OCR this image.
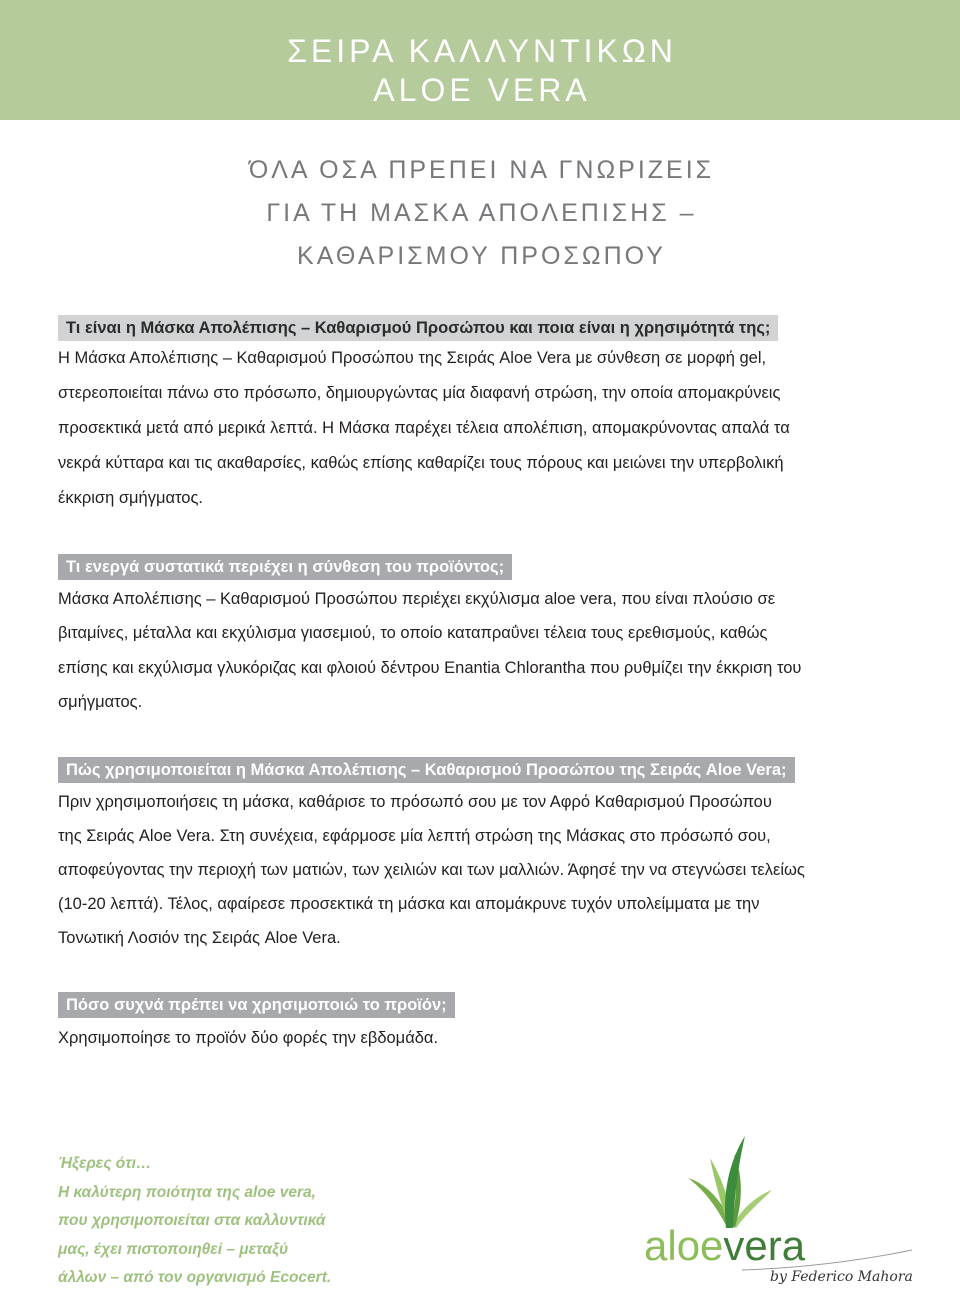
ΣΕΙΡΑ ΚΑΛΛΥΝΤΙΚΩΝ
ALOE VERA
ΌΛΑ ΟΣΑ ΠΡΕΠΕΙ ΝΑ ΓΝΩΡΙΖΕΙΣ
ΓΙΑ ΤΗ ΜΑΣΚΑ ΑΠΟΛΕΠΙΣΗΣ –
ΚΑΘΑΡΙΣΜΟΥ ΠΡΟΣΩΠΟΥ
Τι είναι η Μάσκα Απολέπισης – Καθαρισμού Προσώπου και ποια είναι η χρησιμότητά της;
Η Μάσκα Απολέπισης – Καθαρισμού Προσώπου της Σειράς Aloe Vera με σύνθεση σε μορφή gel,
στερεοποιείται πάνω στο πρόσωπο, δημιουργώντας μία διαφανή στρώση, την οποία απομακρύνεις
προσεκτικά μετά από μερικά λεπτά. Η Μάσκα παρέχει τέλεια απολέπιση, απομακρύνοντας απαλά τα
νεκρά κύτταρα και τις ακαθαρσίες, καθώς επίσης καθαρίζει τους πόρους και μειώνει την υπερβολική
έκκριση σμήγματος.
Τι ενεργά συστατικά περιέχει η σύνθεση του προϊόντος;
Μάσκα Απολέπισης – Καθαρισμού Προσώπου περιέχει εκχύλισμα aloe vera, που είναι πλούσιο σε
βιταμίνες, μέταλλα και εκχύλισμα γιασεμιού, το οποίο καταπραΰνει τέλεια τους ερεθισμούς, καθώς
επίσης και εκχύλισμα γλυκόριζας και φλοιού δέντρου Enantia Chlorantha που ρυθμίζει την έκκριση του
σμήγματος.
Πώς χρησιμοποιείται η Μάσκα Απολέπισης – Καθαρισμού Προσώπου της Σειράς Aloe Vera;
Πριν χρησιμοποιήσεις τη μάσκα, καθάρισε το πρόσωπό σου με τον Αφρό Καθαρισμού Προσώπου
της Σειράς Aloe Vera. Στη συνέχεια, εφάρμοσε μία λεπτή στρώση της Μάσκας στο πρόσωπό σου,
αποφεύγοντας την περιοχή των ματιών, των χειλιών και των μαλλιών. Άφησέ την να στεγνώσει τελείως
(10-20 λεπτά). Τέλος, αφαίρεσε προσεκτικά τη μάσκα και απομάκρυνε τυχόν υπολείμματα με την
Τονωτική Λοσιόν της Σειράς Aloe Vera.
Πόσο συχνά πρέπει να χρησιμοποιώ το προϊόν;
Χρησιμοποίησε το προϊόν δύο φορές την εβδομάδα.
Ήξερες ότι…
Η καλύτερη ποιότητα της aloe vera,
που χρησιμοποιείται στα καλλυντικά
μας, έχει πιστοποιηθεί – μεταξύ
άλλων – από τον οργανισμό Ecocert.
aloevera
by Federico Mahora
